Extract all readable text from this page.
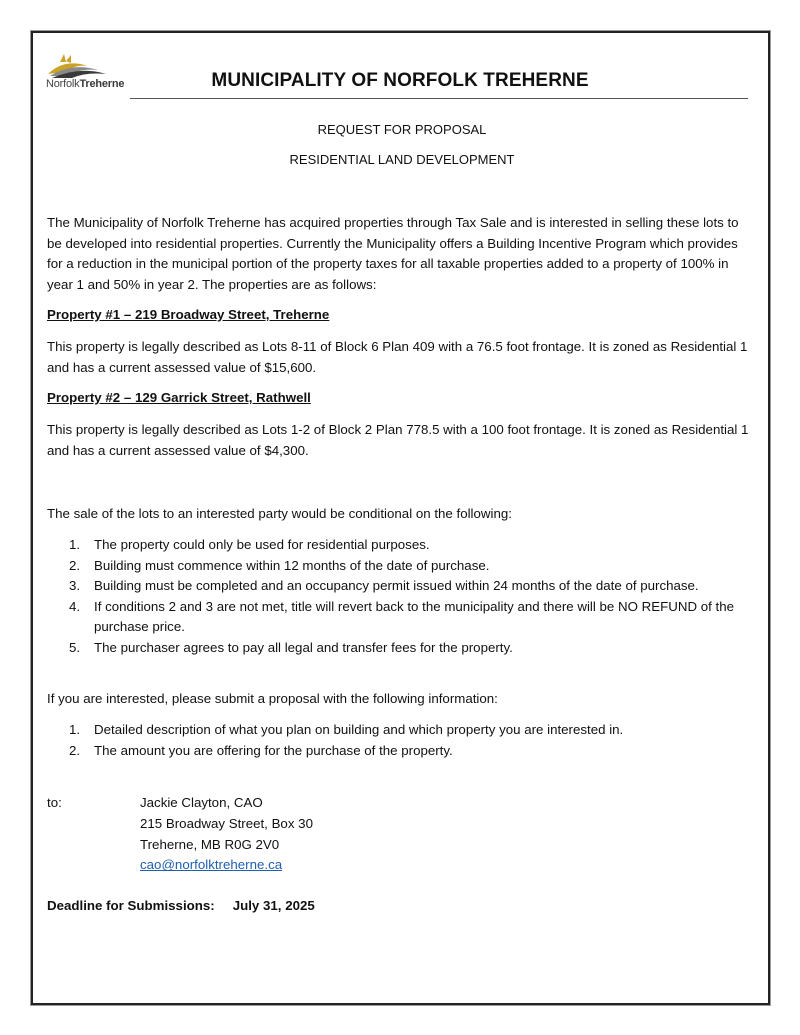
NorfolkTreherne	MUNICIPALITY OF NORFOLK TREHERNE
REQUEST FOR PROPOSAL
RESIDENTIAL LAND DEVELOPMENT
The Municipality of Norfolk Treherne has acquired properties through Tax Sale and is interested in selling these lots to be developed into residential properties. Currently the Municipality offers a Building Incentive Program which provides for a reduction in the municipal portion of the property taxes for all taxable properties added to a property of 100% in year 1 and 50% in year 2. The properties are as follows:
Property #1 – 219 Broadway Street, Treherne
This property is legally described as Lots 8-11 of Block 6 Plan 409 with a 76.5 foot frontage. It is zoned as Residential 1 and has a current assessed value of $15,600.
Property #2 – 129 Garrick Street, Rathwell
This property is legally described as Lots 1-2 of Block 2 Plan 778.5 with a 100 foot frontage. It is zoned as Residential 1 and has a current assessed value of $4,300.
The sale of the lots to an interested party would be conditional on the following:
1. The property could only be used for residential purposes.
2. Building must commence within 12 months of the date of purchase.
3. Building must be completed and an occupancy permit issued within 24 months of the date of purchase.
4. If conditions 2 and 3 are not met, title will revert back to the municipality and there will be NO REFUND of the purchase price.
5. The purchaser agrees to pay all legal and transfer fees for the property.
If you are interested, please submit a proposal with the following information:
1. Detailed description of what you plan on building and which property you are interested in.
2. The amount you are offering for the purchase of the property.
to:	Jackie Clayton, CAO
215 Broadway Street, Box 30
Treherne, MB R0G 2V0
cao@norfolktreherne.ca
Deadline for Submissions: July 31, 2025
